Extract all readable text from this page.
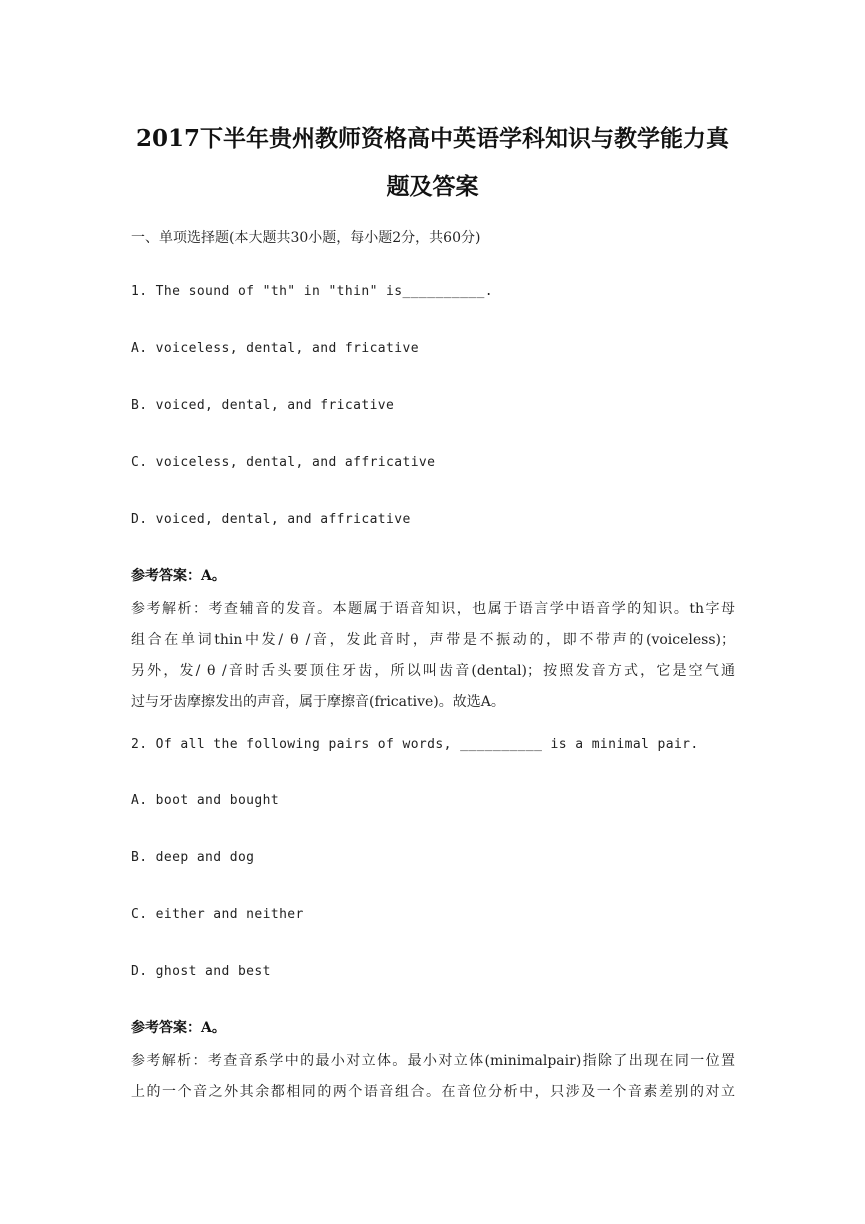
2017下半年贵州教师资格高中英语学科知识与教学能力真
题及答案
一、单项选择题(本大题共30小题，每小题2分，共60分)
1. The sound of "th" in "thin" is__________.
A. voiceless, dental, and fricative
B. voiced, dental, and fricative
C. voiceless, dental, and affricative
D. voiced, dental, and affricative
参考答案：A。
参考解析：考查辅音的发音。本题属于语音知识，也属于语言学中语音学的知识。th字母
组合在单词thin中发/ θ /音，发此音时，声带是不振动的，即不带声的(voiceless)；
另外，发/ θ /音时舌头要顶住牙齿，所以叫齿音(dental)；按照发音方式，它是空气通
过与牙齿摩擦发出的声音，属于摩擦音(fricative)。故选A。
2. Of all the following pairs of words, __________ is a minimal pair.
A. boot and bought
B. deep and dog
C. either and neither
D. ghost and best
参考答案：A。
参考解析：考查音系学中的最小对立体。最小对立体(minimalpair)指除了出现在同一位置
上的一个音之外其余都相同的两个语音组合。在音位分析中，只涉及一个音素差别的对立
